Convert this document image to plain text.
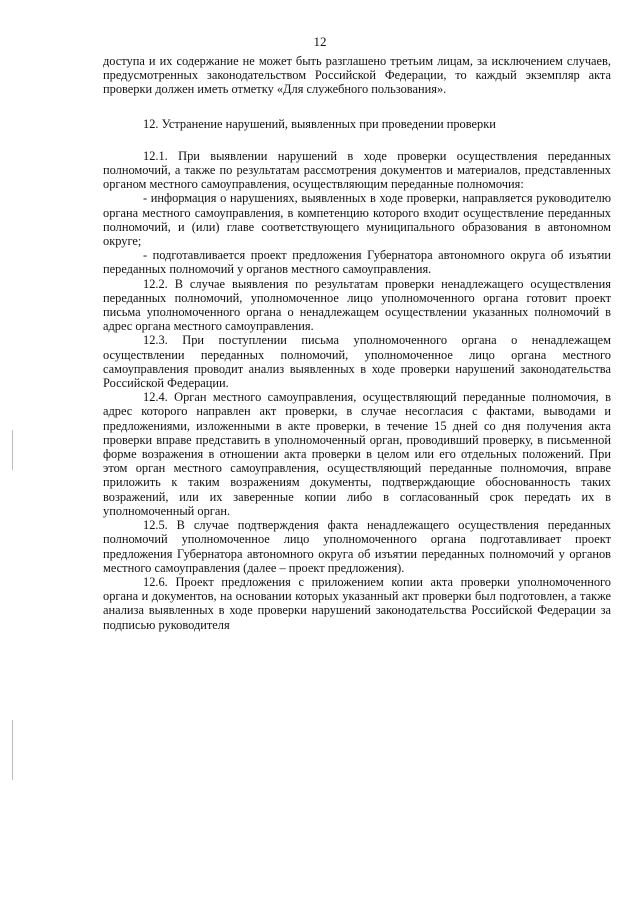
12

доступа и их содержание не может быть разглашено третьим лицам, за исключением случаев, предусмотренных законодательством Российской Федерации, то каждый экземпляр акта проверки должен иметь отметку «Для служебного пользования».

12. Устранение нарушений, выявленных при проведении проверки

12.1. При выявлении нарушений в ходе проверки осуществления переданных полномочий, а также по результатам рассмотрения документов и материалов, представленных органом местного самоуправления, осуществляющим переданные полномочия:

- информация о нарушениях, выявленных в ходе проверки, направляется руководителю органа местного самоуправления, в компетенцию которого входит осуществление переданных полномочий, и (или) главе соответствующего муниципального образования в автономном округе;

- подготавливается проект предложения Губернатора автономного округа об изъятии переданных полномочий у органов местного самоуправления.

12.2. В случае выявления по результатам проверки ненадлежащего осуществления переданных полномочий, уполномоченное лицо уполномоченного органа готовит проект письма уполномоченного органа о ненадлежащем осуществлении указанных полномочий в адрес органа местного самоуправления.

12.3. При поступлении письма уполномоченного органа о ненадлежащем осуществлении переданных полномочий, уполномоченное лицо органа местного самоуправления проводит анализ выявленных в ходе проверки нарушений законодательства Российской Федерации.

12.4. Орган местного самоуправления, осуществляющий переданные полномочия, в адрес которого направлен акт проверки, в случае несогласия с фактами, выводами и предложениями, изложенными в акте проверки, в течение 15 дней со дня получения акта проверки вправе представить в уполномоченный орган, проводивший проверку, в письменной форме возражения в отношении акта проверки в целом или его отдельных положений. При этом орган местного самоуправления, осуществляющий переданные полномочия, вправе приложить к таким возражениям документы, подтверждающие обоснованность таких возражений, или их заверенные копии либо в согласованный срок передать их в уполномоченный орган.

12.5. В случае подтверждения факта ненадлежащего осуществления переданных полномочий уполномоченное лицо уполномоченного органа подготавливает проект предложения Губернатора автономного округа об изъятии переданных полномочий у органов местного самоуправления (далее – проект предложения).

12.6. Проект предложения с приложением копии акта проверки уполномоченного органа и документов, на основании которых указанный акт проверки был подготовлен, а также анализа выявленных в ходе проверки нарушений законодательства Российской Федерации за подписью руководителя
